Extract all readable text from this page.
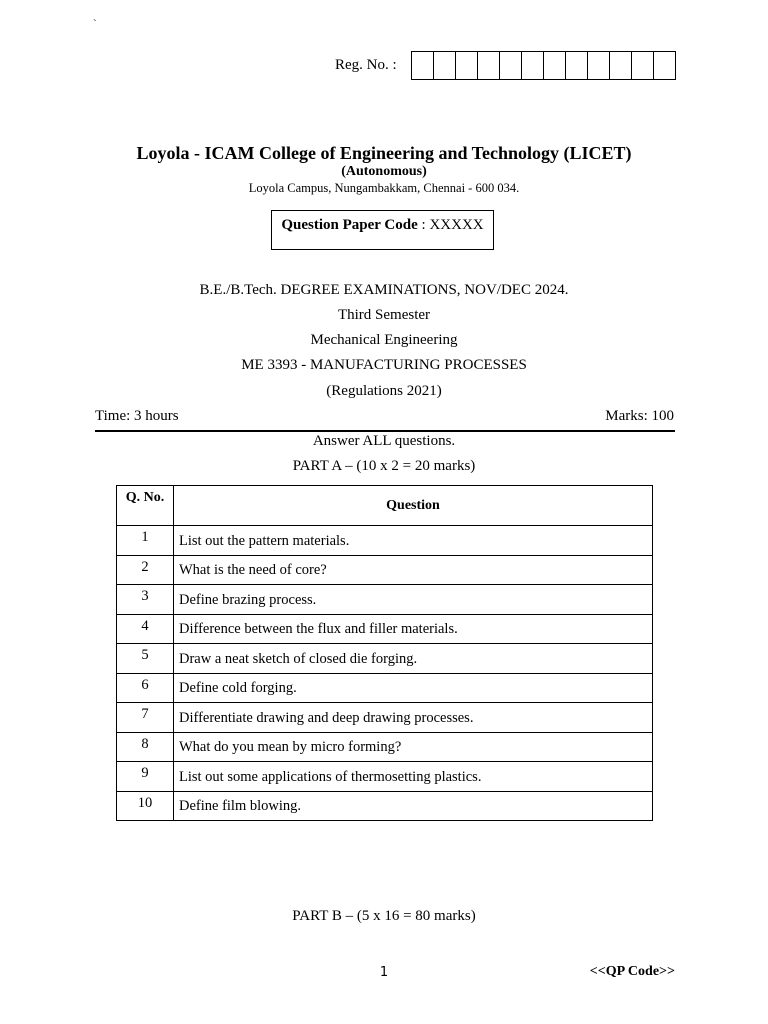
`
Reg. No. :
Loyola - ICAM College of Engineering and Technology (LICET)
(Autonomous)
Loyola Campus, Nungambakkam, Chennai - 600 034.
Question Paper Code : XXXXX
B.E./B.Tech. DEGREE EXAMINATIONS, NOV/DEC 2024.
Third Semester
Mechanical Engineering
ME 3393 - MANUFACTURING PROCESSES
(Regulations 2021)
Time: 3 hours	Marks: 100
Answer ALL questions.
PART A – (10 x 2 = 20 marks)
Q. No.	Question
1	List out the pattern materials.
2	What is the need of core?
3	Define brazing process.
4	Difference between the flux and filler materials.
5	Draw a neat sketch of closed die forging.
6	Define cold forging.
7	Differentiate drawing and deep drawing processes.
8	What do you mean by micro forming?
9	List out some applications of thermosetting plastics.
10	Define film blowing.
PART B – (5 x 16 = 80 marks)
1	<<QP Code>>
